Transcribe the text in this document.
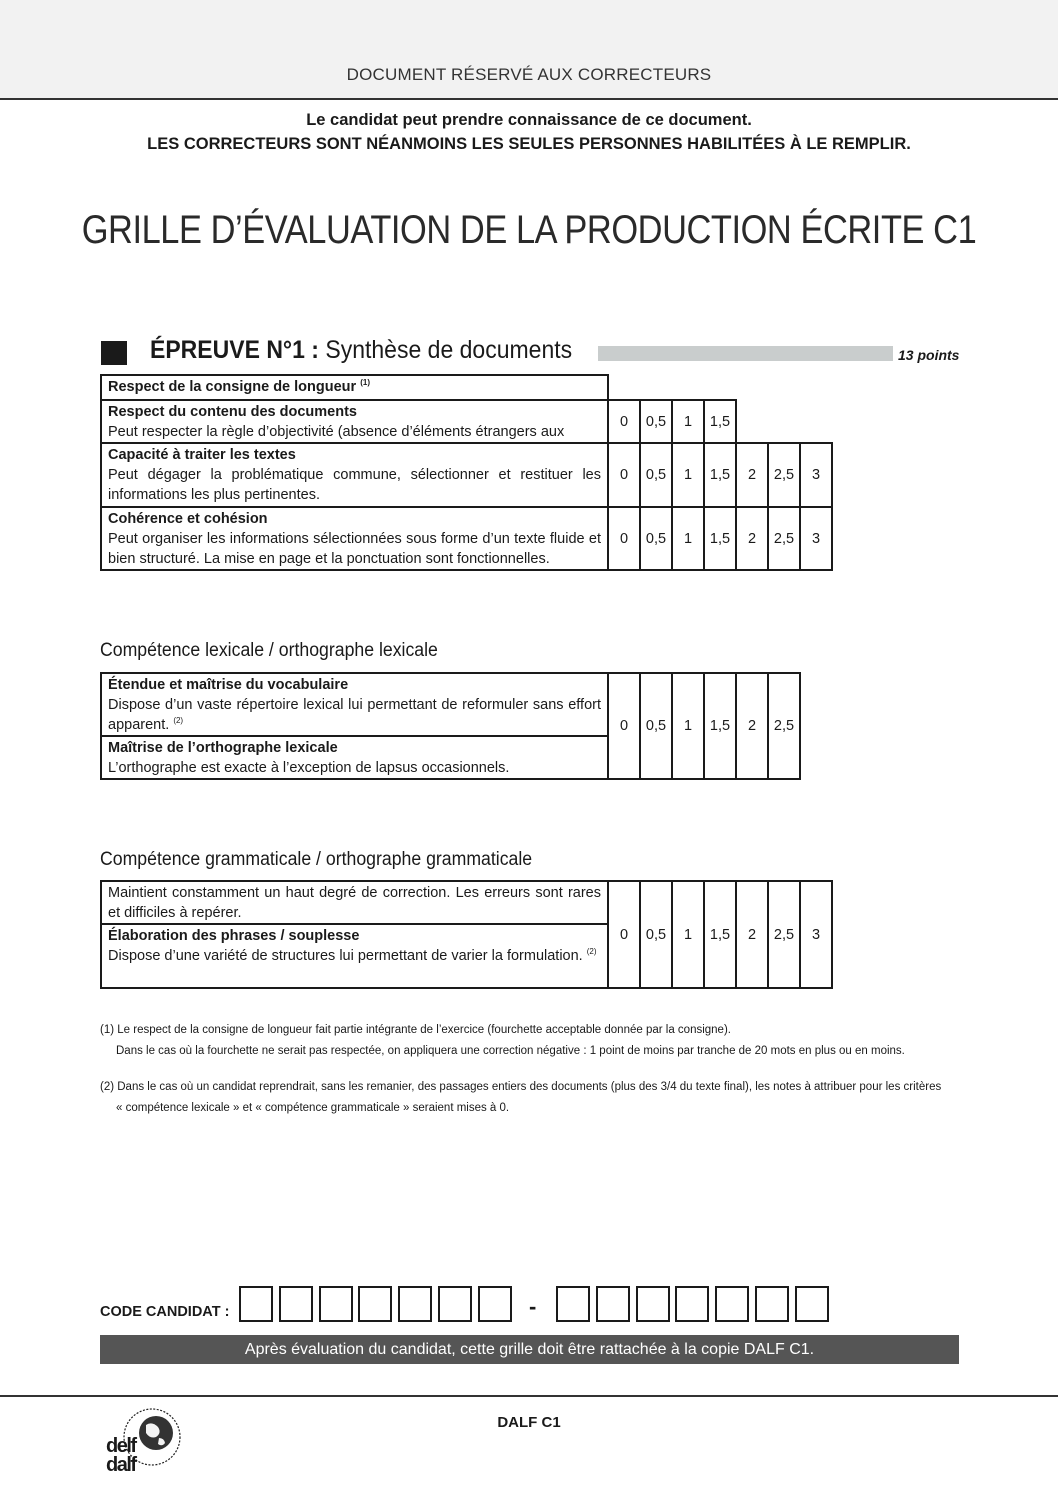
DOCUMENT RÉSERVÉ AUX CORRECTEURS
Le candidat peut prendre connaissance de ce document.
LES CORRECTEURS SONT NÉANMOINS LES SEULES PERSONNES HABILITÉES À LE REMPLIR.
GRILLE D’ÉVALUATION DE LA PRODUCTION ÉCRITE C1
ÉPREUVE N°1 : Synthèse de documents	13 points
Respect de la consigne de longueur $^{(1)}$
Respect du contenu des documents
Peut respecter la règle d’objectivité (absence d’éléments étrangers aux
0 0,5 1 1,5
Capacité à traiter les textes
Peut dégager la problématique commune, sélectionner et restituer les informations les plus pertinentes.
0 0,5 1 1,5 2 2,5 3
Cohérence et cohésion
Peut organiser les informations sélectionnées sous forme d’un texte fluide et bien structuré. La mise en page et la ponctuation sont fonctionnelles.
0 0,5 1 1,5 2 2,5 3
Compétence lexicale / orthographe lexicale
Étendue et maîtrise du vocabulaire
Dispose d’un vaste répertoire lexical lui permettant de reformuler sans effort apparent. $^{(2)}$
Maîtrise de l’orthographe lexicale
L’orthographe est exacte à l’exception de lapsus occasionnels.
0 0,5 1 1,5 2 2,5
Compétence grammaticale / orthographe grammaticale
Maintient constamment un haut degré de correction. Les erreurs sont rares et difficiles à repérer.
Élaboration des phrases / souplesse
Dispose d’une variété de structures lui permettant de varier la formulation. $^{(2)}$
0 0,5 1 1,5 2 2,5 3
(1) Le respect de la consigne de longueur fait partie intégrante de l’exercice (fourchette acceptable donnée par la consigne).
Dans le cas où la fourchette ne serait pas respectée, on appliquera une correction négative : 1 point de moins par tranche de 20 mots en plus ou en moins.
(2) Dans le cas où un candidat reprendrait, sans les remanier, des passages entiers des documents (plus des 3/4 du texte final), les notes à attribuer pour les critères
« compétence lexicale » et « compétence grammaticale » seraient mises à 0.
CODE CANDIDAT :	-
Après évaluation du candidat, cette grille doit être rattachée à la copie DALF C1.
delf
dalf
DALF C1
